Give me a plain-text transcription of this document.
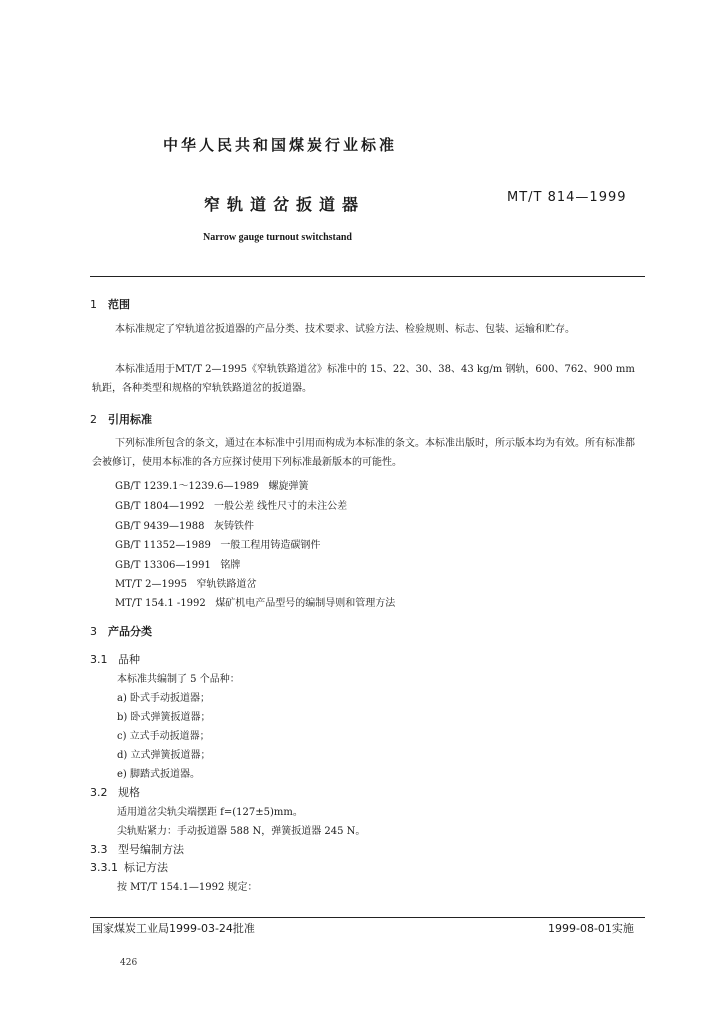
中华人民共和国煤炭行业标准
窄轨道岔扳道器	MT/T 814—1999
Narrow gauge turnout switchstand
1 范围
本标准规定了窄轨道岔扳道器的产品分类、技术要求、试验方法、检验规则、标志、包装、运输和贮存。
本标准适用于MT/T 2—1995《窄轨铁路道岔》标准中的 15、22、30、38、43 kg/m 钢轨，600、762、900 mm轨距，各种类型和规格的窄轨铁路道岔的扳道器。
2 引用标准
下列标准所包含的条文，通过在本标准中引用而构成为本标准的条文。本标准出版时，所示版本均为有效。所有标准都会被修订，使用本标准的各方应探讨使用下列标准最新版本的可能性。
GB/T 1239.1～1239.6—1989 螺旋弹簧
GB/T 1804—1992 一般公差 线性尺寸的未注公差
GB/T 9439—1988 灰铸铁件
GB/T 11352—1989 一般工程用铸造碳钢件
GB/T 13306—1991 铭牌
MT/T 2—1995 窄轨铁路道岔
MT/T 154.1 -1992 煤矿机电产品型号的编制导则和管理方法
3 产品分类
3.1 品种
本标准共编制了 5 个品种：
a) 卧式手动扳道器；
b) 卧式弹簧扳道器；
c) 立式手动扳道器；
d) 立式弹簧扳道器；
e) 脚踏式扳道器。
3.2 规格
适用道岔尖轨尖端摆距 f=(127±5)mm。
尖轨贴紧力：手动扳道器 588 N，弹簧扳道器 245 N。
3.3 型号编制方法
3.3.1 标记方法
按 MT/T 154.1—1992 规定：
国家煤炭工业局1999-03-24批准	1999-08-01实施
426
